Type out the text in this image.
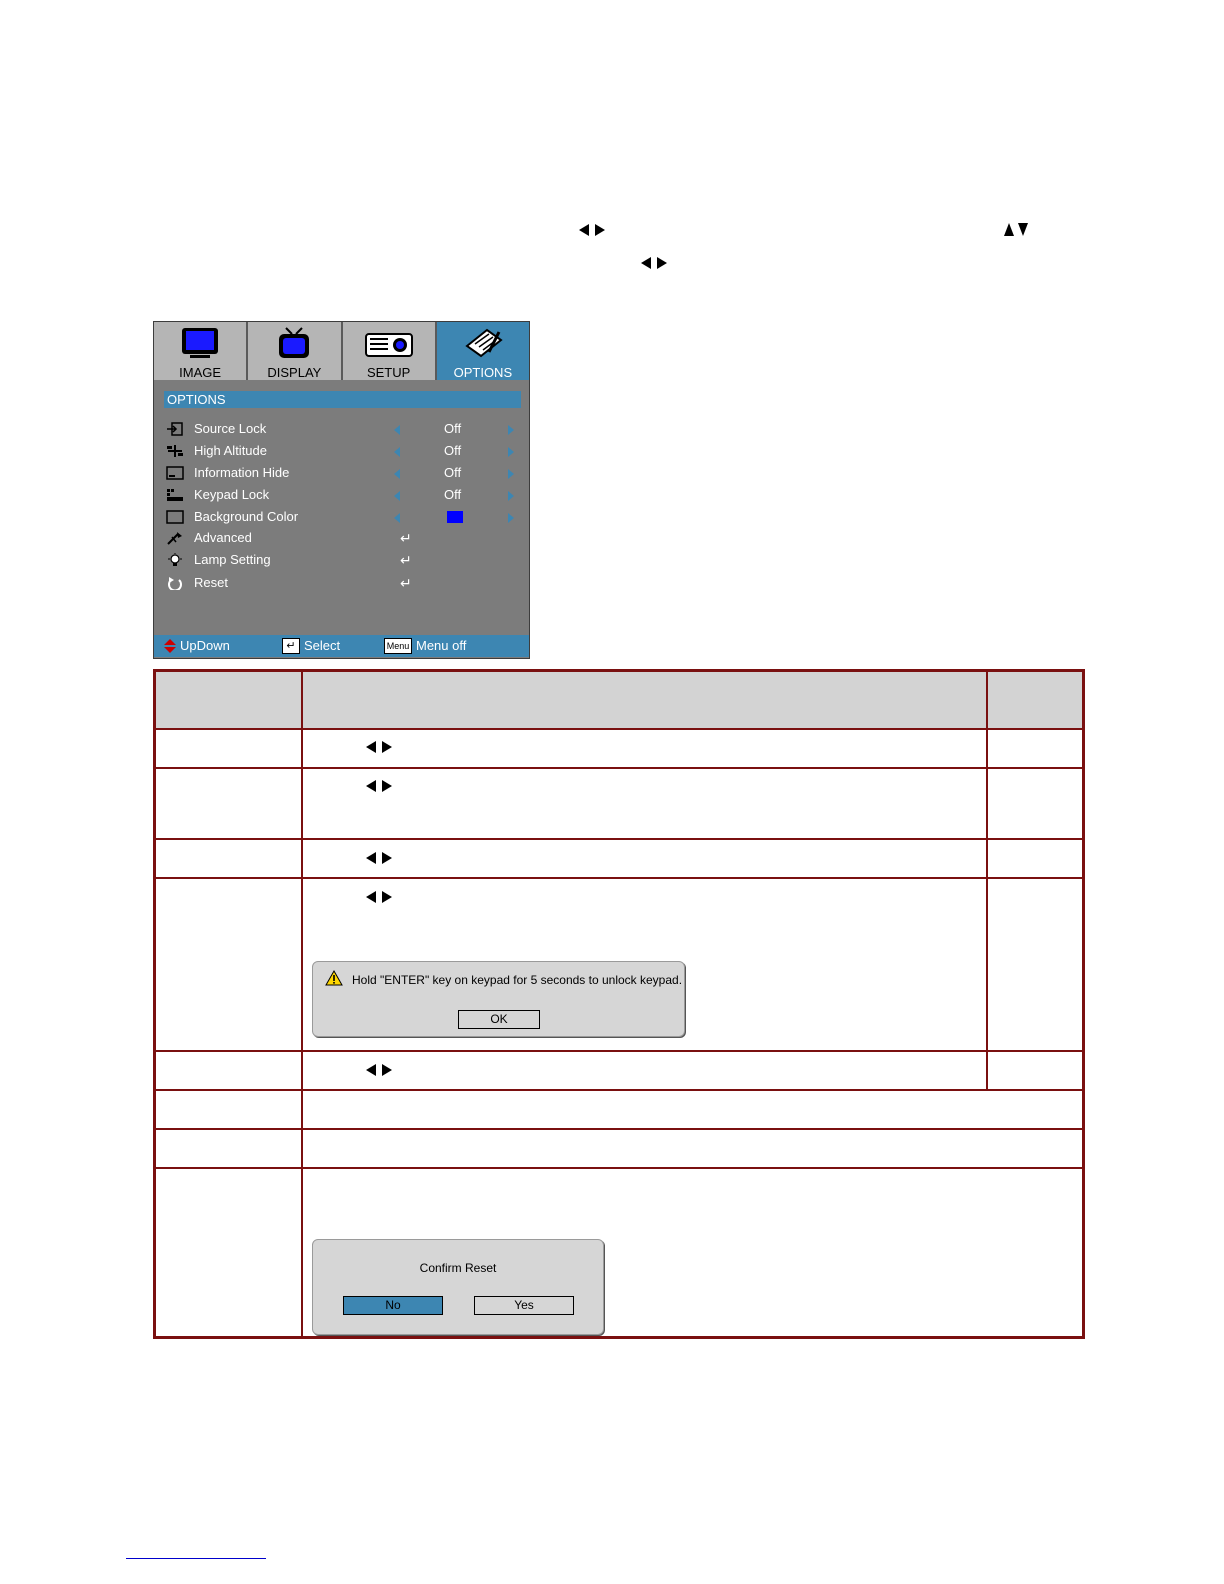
IMAGE	DISPLAY	SETUP	OPTIONS
OPTIONS
Source Lock	Off
High Altitude	Off
Information Hide	Off
Keypad Lock	Off
Background Color
Advanced	↵
Lamp Setting	↵
Reset	↵
UpDown	↵ Select	Menu Menu off
Hold "ENTER" key on keypad for 5 seconds to unlock keypad.
OK
Confirm Reset
No	Yes
